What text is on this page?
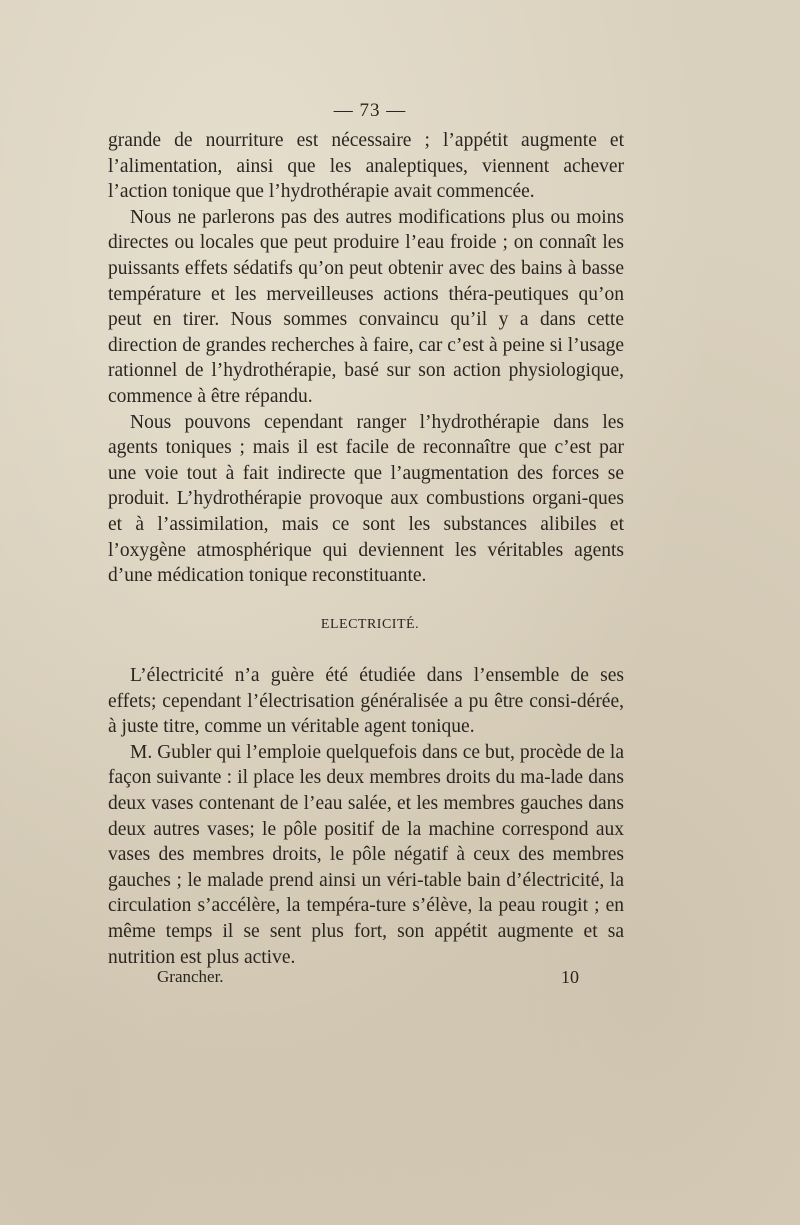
— 73 —

grande de nourriture est nécessaire ; l’appétit augmente et l’alimentation, ainsi que les analeptiques, viennent achever l’action tonique que l’hydrothérapie avait commencée.

Nous ne parlerons pas des autres modifications plus ou moins directes ou locales que peut produire l’eau froide ; on connaît les puissants effets sédatifs qu’on peut obtenir avec des bains à basse température et les merveilleuses actions théra-peutiques qu’on peut en tirer. Nous sommes convaincu qu’il y a dans cette direction de grandes recherches à faire, car c’est à peine si l’usage rationnel de l’hydrothérapie, basé sur son action physiologique, commence à être répandu.

Nous pouvons cependant ranger l’hydrothérapie dans les agents toniques ; mais il est facile de reconnaître que c’est par une voie tout à fait indirecte que l’augmentation des forces se produit. L’hydrothérapie provoque aux combustions organi-ques et à l’assimilation, mais ce sont les substances alibiles et l’oxygène atmosphérique qui deviennent les véritables agents d’une médication tonique reconstituante.

ELECTRICITÉ.

L’électricité n’a guère été étudiée dans l’ensemble de ses effets; cependant l’électrisation généralisée a pu être consi-dérée, à juste titre, comme un véritable agent tonique.

M. Gubler qui l’emploie quelquefois dans ce but, procède de la façon suivante : il place les deux membres droits du ma-lade dans deux vases contenant de l’eau salée, et les membres gauches dans deux autres vases; le pôle positif de la machine correspond aux vases des membres droits, le pôle négatif à ceux des membres gauches ; le malade prend ainsi un véri-table bain d’électricité, la circulation s’accélère, la tempéra-ture s’élève, la peau rougit ; en même temps il se sent plus fort, son appétit augmente et sa nutrition est plus active.

Grancher.	10
